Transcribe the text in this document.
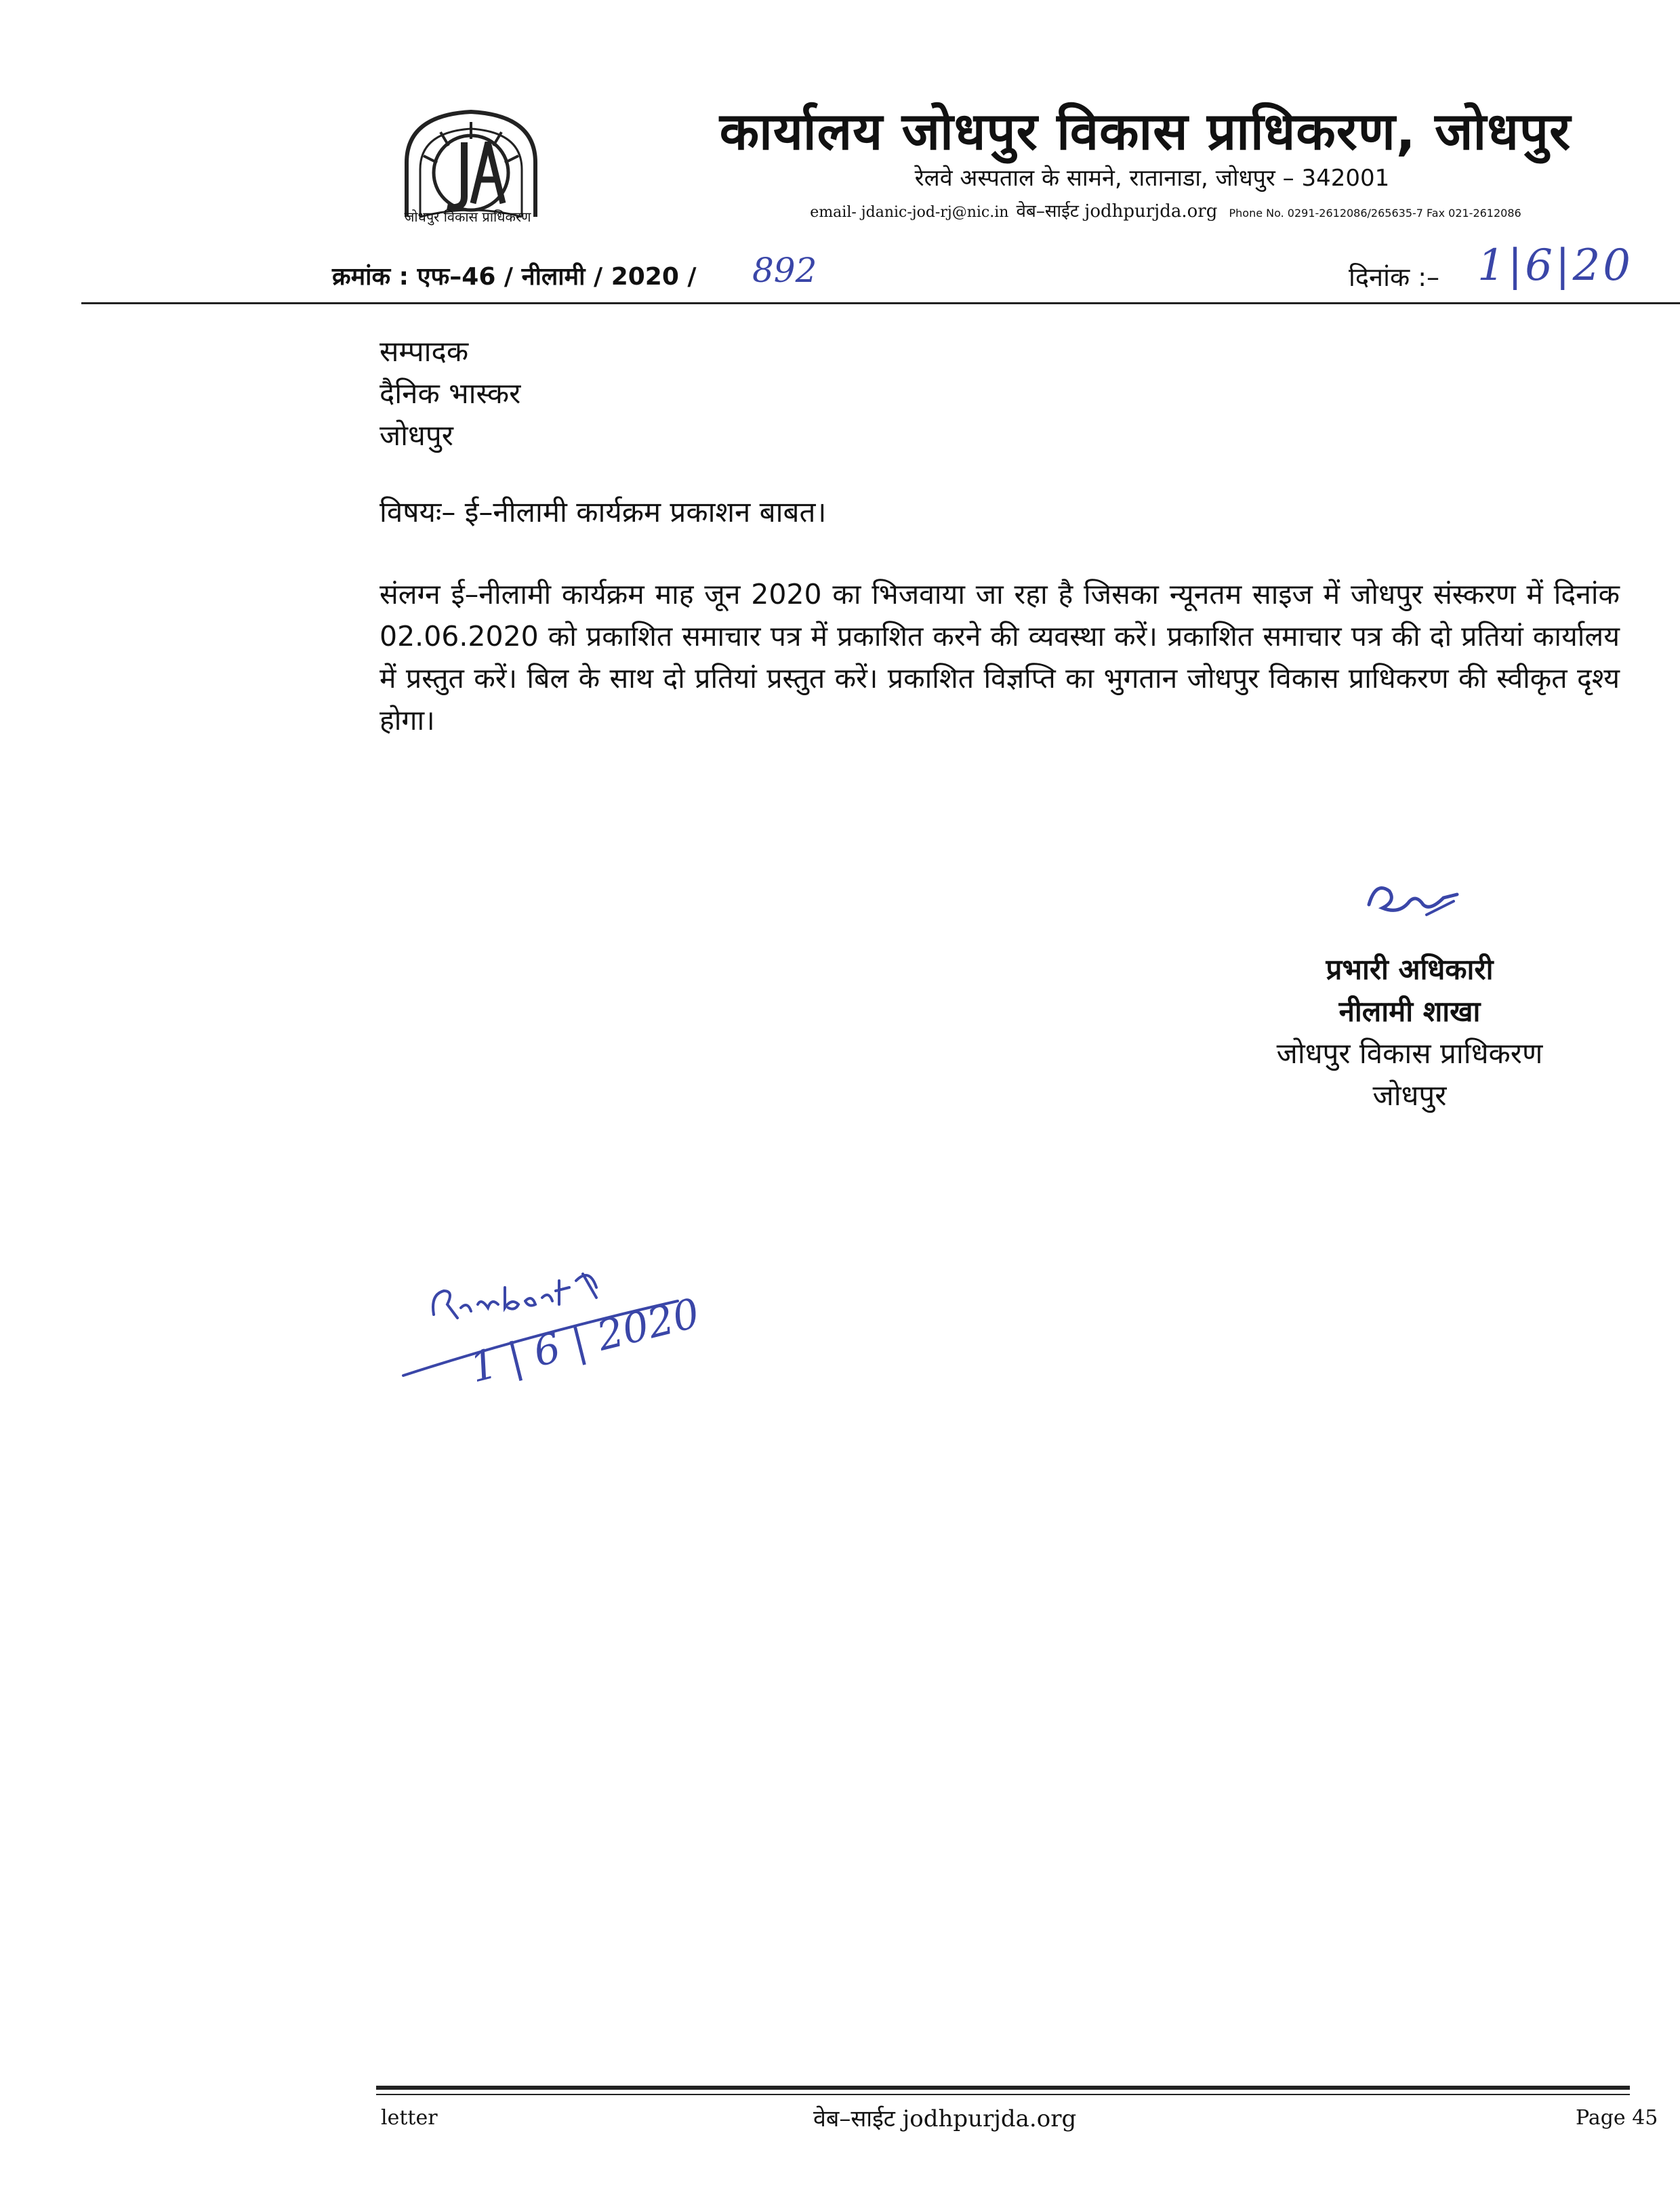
जोधपुर विकास प्राधिकरण
कार्यालय जोधपुर विकास प्राधिकरण, जोधपुर
रेलवे अस्पताल के सामने, रातानाडा, जोधपुर – 342001
email- jdanic-jod-rj@nic.in वेब–साईट jodhpurjda.org Phone No. 0291-2612086/265635-7 Fax 021-2612086
क्रमांक : एफ–46 / नीलामी / 2020 / 892	दिनांक :– 1|6|20
सम्पादक
दैनिक भास्कर
जोधपुर
विषयः– ई–नीलामी कार्यक्रम प्रकाशन बाबत।
संलग्न ई–नीलामी कार्यक्रम माह जून 2020 का भिजवाया जा रहा है जिसका न्यूनतम साइज में जोधपुर संस्करण में दिनांक 02.06.2020 को प्रकाशित समाचार पत्र में प्रकाशित करने की व्यवस्था करें। प्रकाशित समाचार पत्र की दो प्रतियां कार्यालय में प्रस्तुत करें। बिल के साथ दो प्रतियां प्रस्तुत करें। प्रकाशित विज्ञप्ति का भुगतान जोधपुर विकास प्राधिकरण की स्वीकृत दृश्य होगा।
प्रभारी अधिकारी
नीलामी शाखा
जोधपुर विकास प्राधिकरण
जोधपुर
1 | 6 | 2020
letter	वेब–साईट jodhpurjda.org	Page 45
